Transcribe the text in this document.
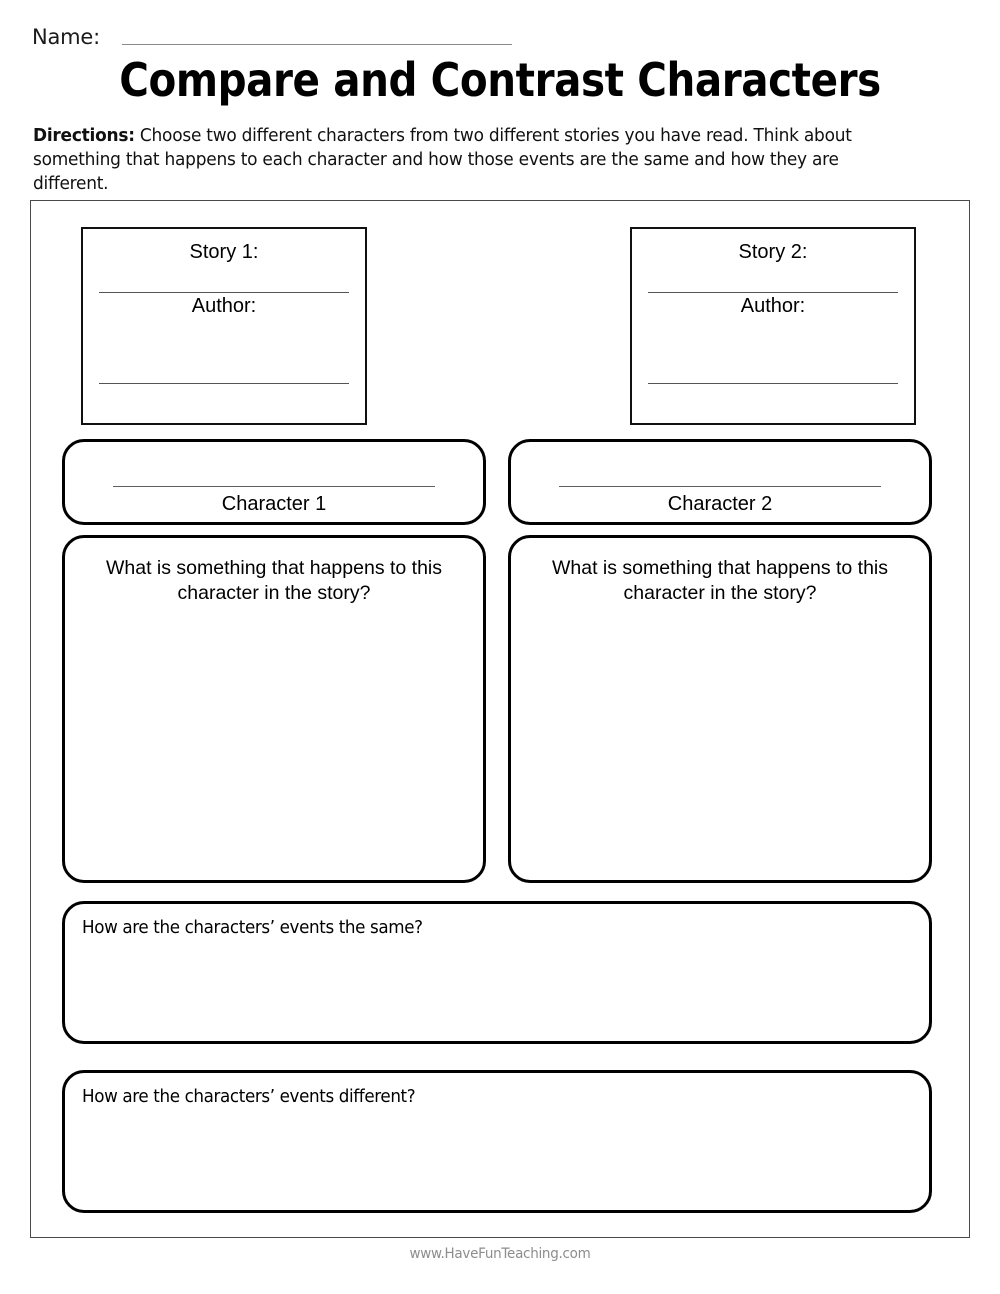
Name:
Compare and Contrast Characters
Directions: Choose two different characters from two different stories you have read. Think about something that happens to each character and how those events are the same and how they are different.
Story 1:
Author:
Story 2:
Author:
Character 1	Character 2
What is something that happens to this character in the story?
What is something that happens to this character in the story?
How are the characters’ events the same?
How are the characters’ events different?
www.HaveFunTeaching.com
